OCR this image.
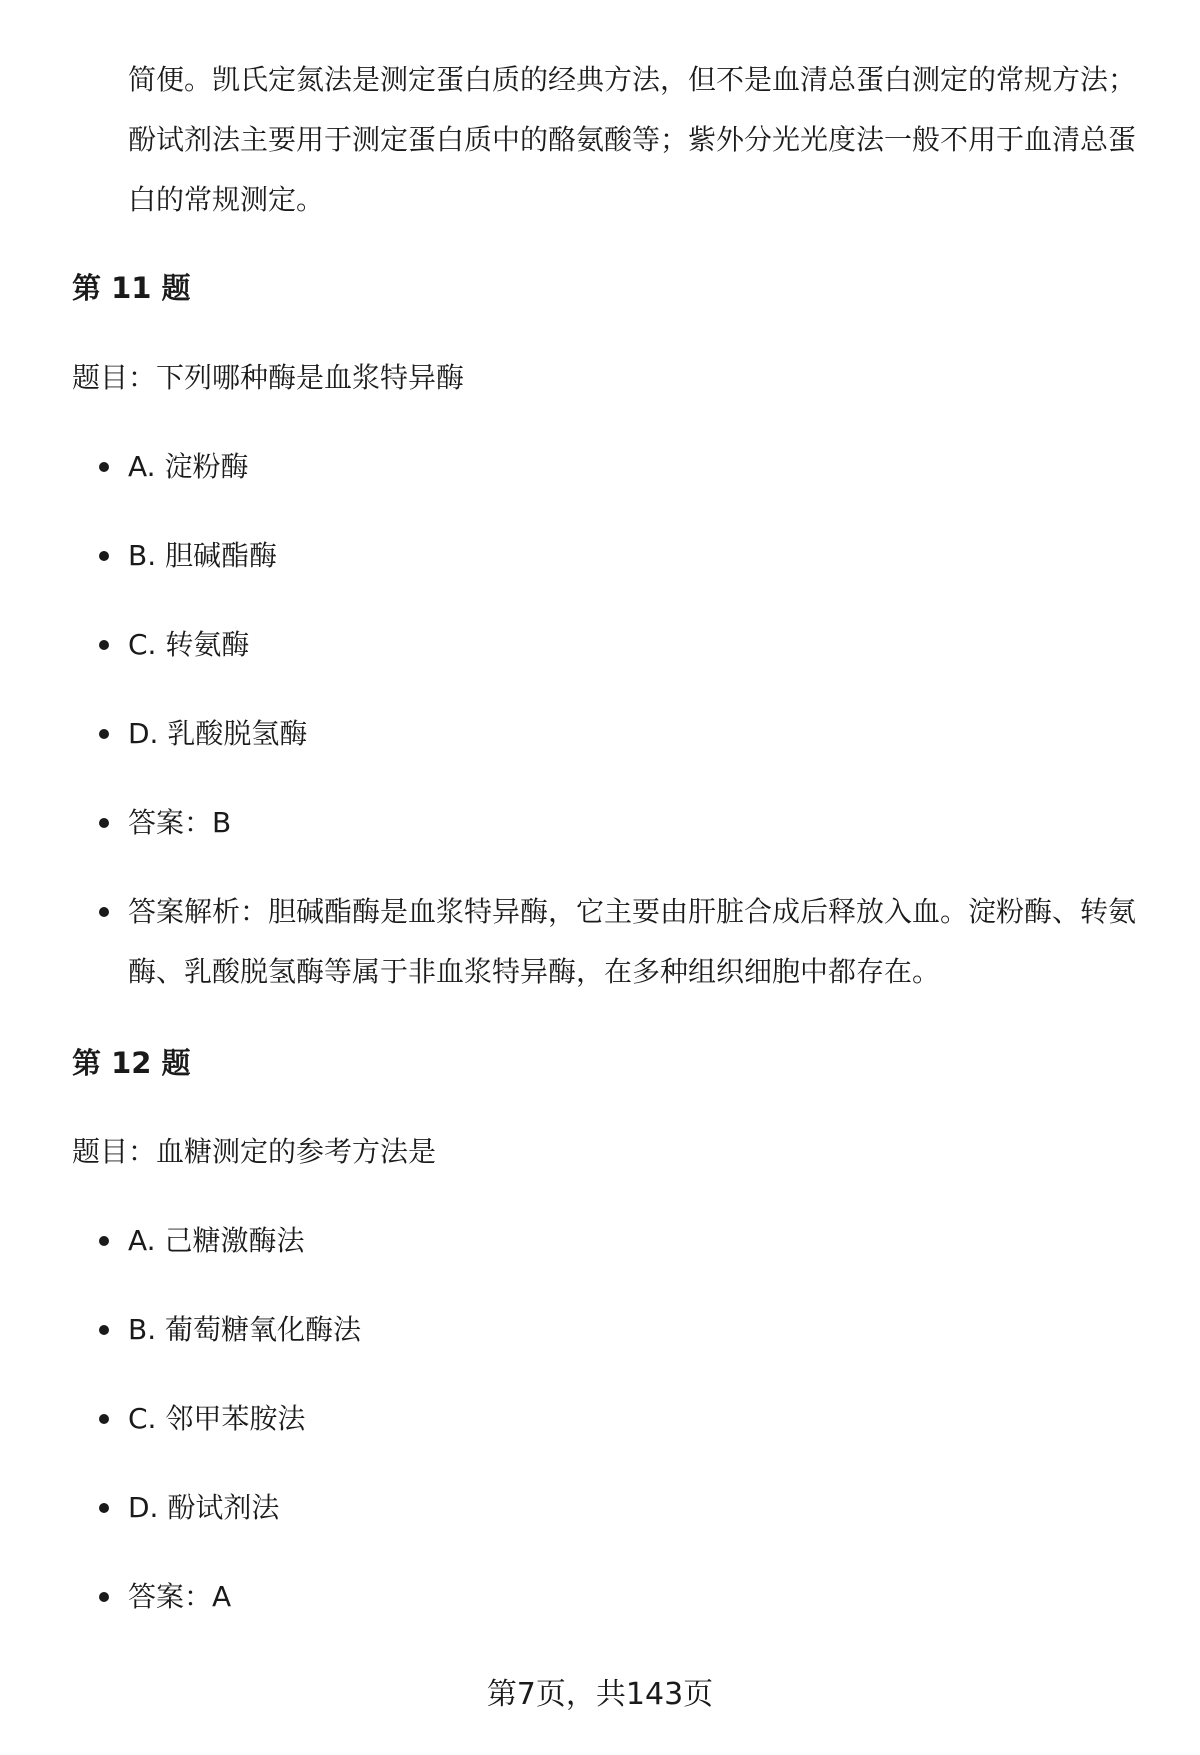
简便。凯氏定氮法是测定蛋白质的经典方法，但不是血清总蛋白测定的常规方法；酚试剂法主要用于测定蛋白质中的酪氨酸等；紫外分光光度法一般不用于血清总蛋白的常规测定。

第 11 题

题目：下列哪种酶是血浆特异酶

A. 淀粉酶
B. 胆碱酯酶
C. 转氨酶
D. 乳酸脱氢酶
答案：B
答案解析：胆碱酯酶是血浆特异酶，它主要由肝脏合成后释放入血。淀粉酶、转氨酶、乳酸脱氢酶等属于非血浆特异酶，在多种组织细胞中都存在。

第 12 题

题目：血糖测定的参考方法是

A. 己糖激酶法
B. 葡萄糖氧化酶法
C. 邻甲苯胺法
D. 酚试剂法
答案：A
第7页，共143页
